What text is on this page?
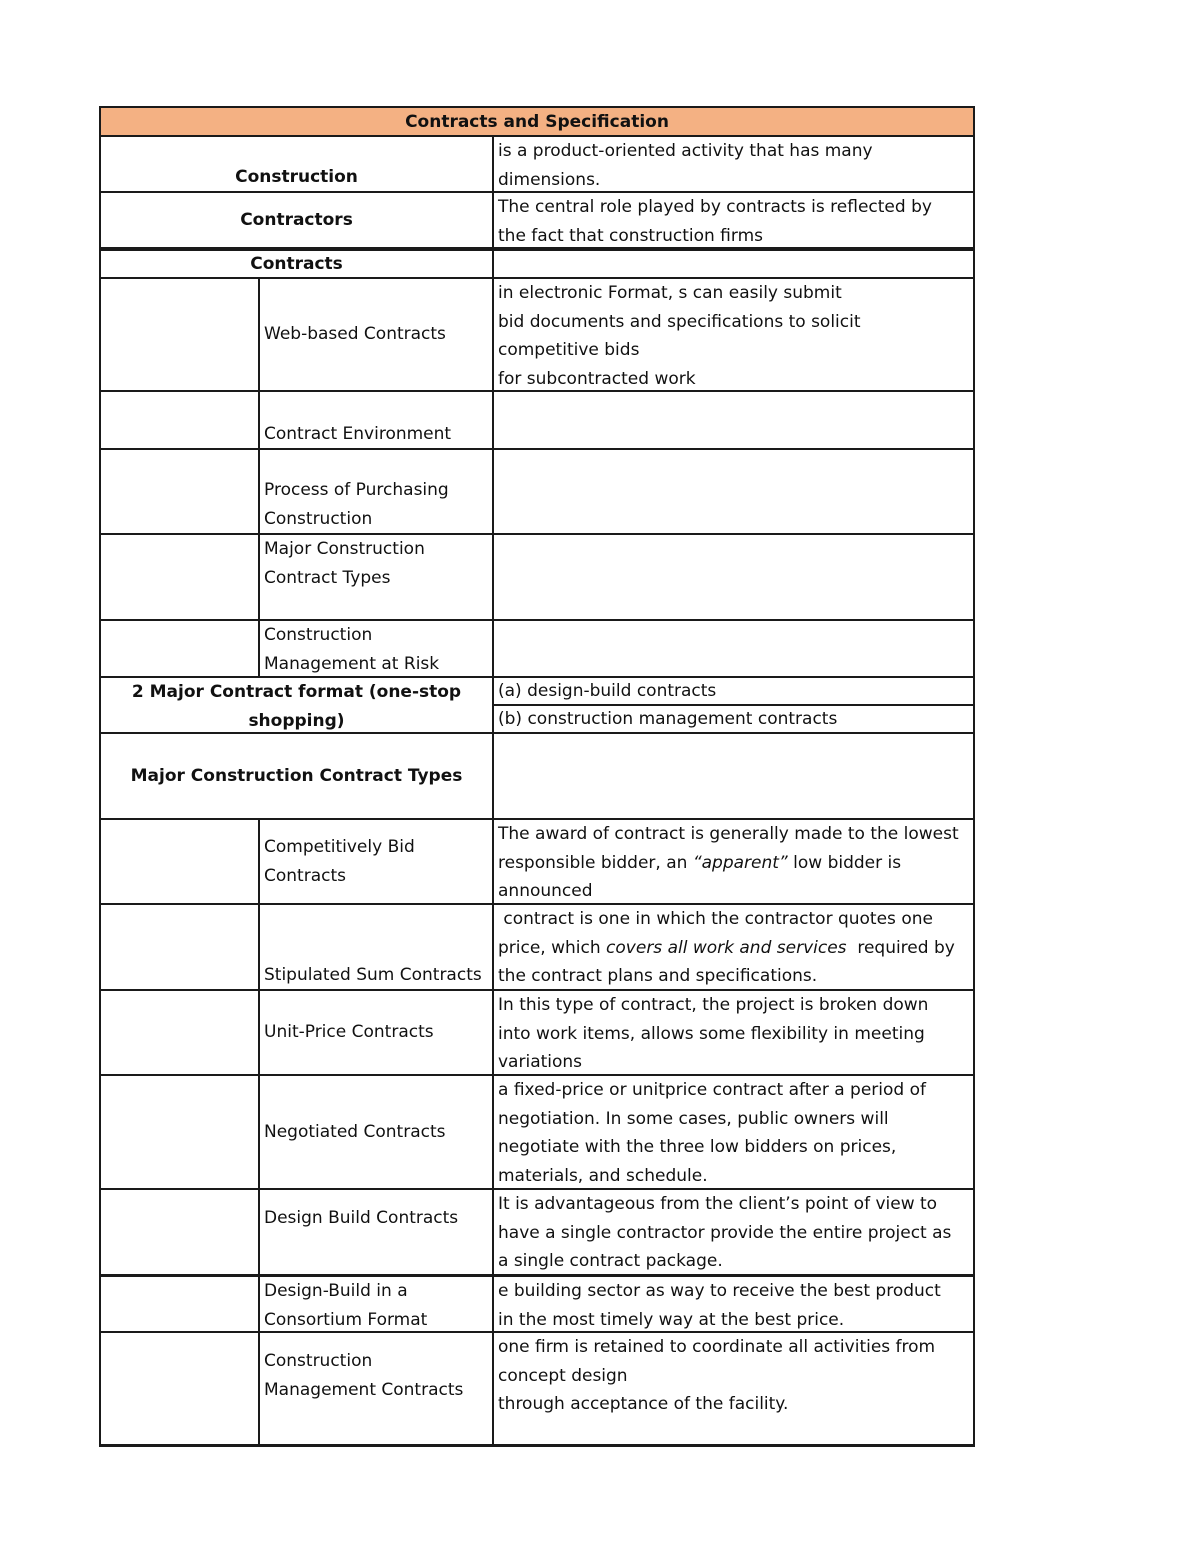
Contracts and Specification
Construction
is a product-oriented activity that has many
dimensions.
Contractors
The central role played by contracts is reflected by
the fact that construction firms
Contracts
Web-based Contracts
in electronic Format, s can easily submit
bid documents and specifications to solicit
competitive bids
for subcontracted work
Contract Environment
Process of Purchasing
Construction
Major Construction
Contract Types
Construction
Management at Risk
2 Major Contract format (one-stop
shopping)
(a) design-build contracts
(b) construction management contracts
Major Construction Contract Types
Competitively Bid
Contracts
The award of contract is generally made to the lowest
responsible bidder, an “apparent” low bidder is
announced
Stipulated Sum Contracts
contract is one in which the contractor quotes one
price, which covers all work and services  required by
the contract plans and specifications.
Unit-Price Contracts
In this type of contract, the project is broken down
into work items, allows some flexibility in meeting
variations
Negotiated Contracts
a fixed-price or unitprice contract after a period of
negotiation. In some cases, public owners will
negotiate with the three low bidders on prices,
materials, and schedule.
Design Build Contracts
It is advantageous from the client’s point of view to
have a single contractor provide the entire project as
a single contract package.
Design-Build in a
Consortium Format
e building sector as way to receive the best product
in the most timely way at the best price.
Construction
Management Contracts
one firm is retained to coordinate all activities from
concept design
through acceptance of the facility.
